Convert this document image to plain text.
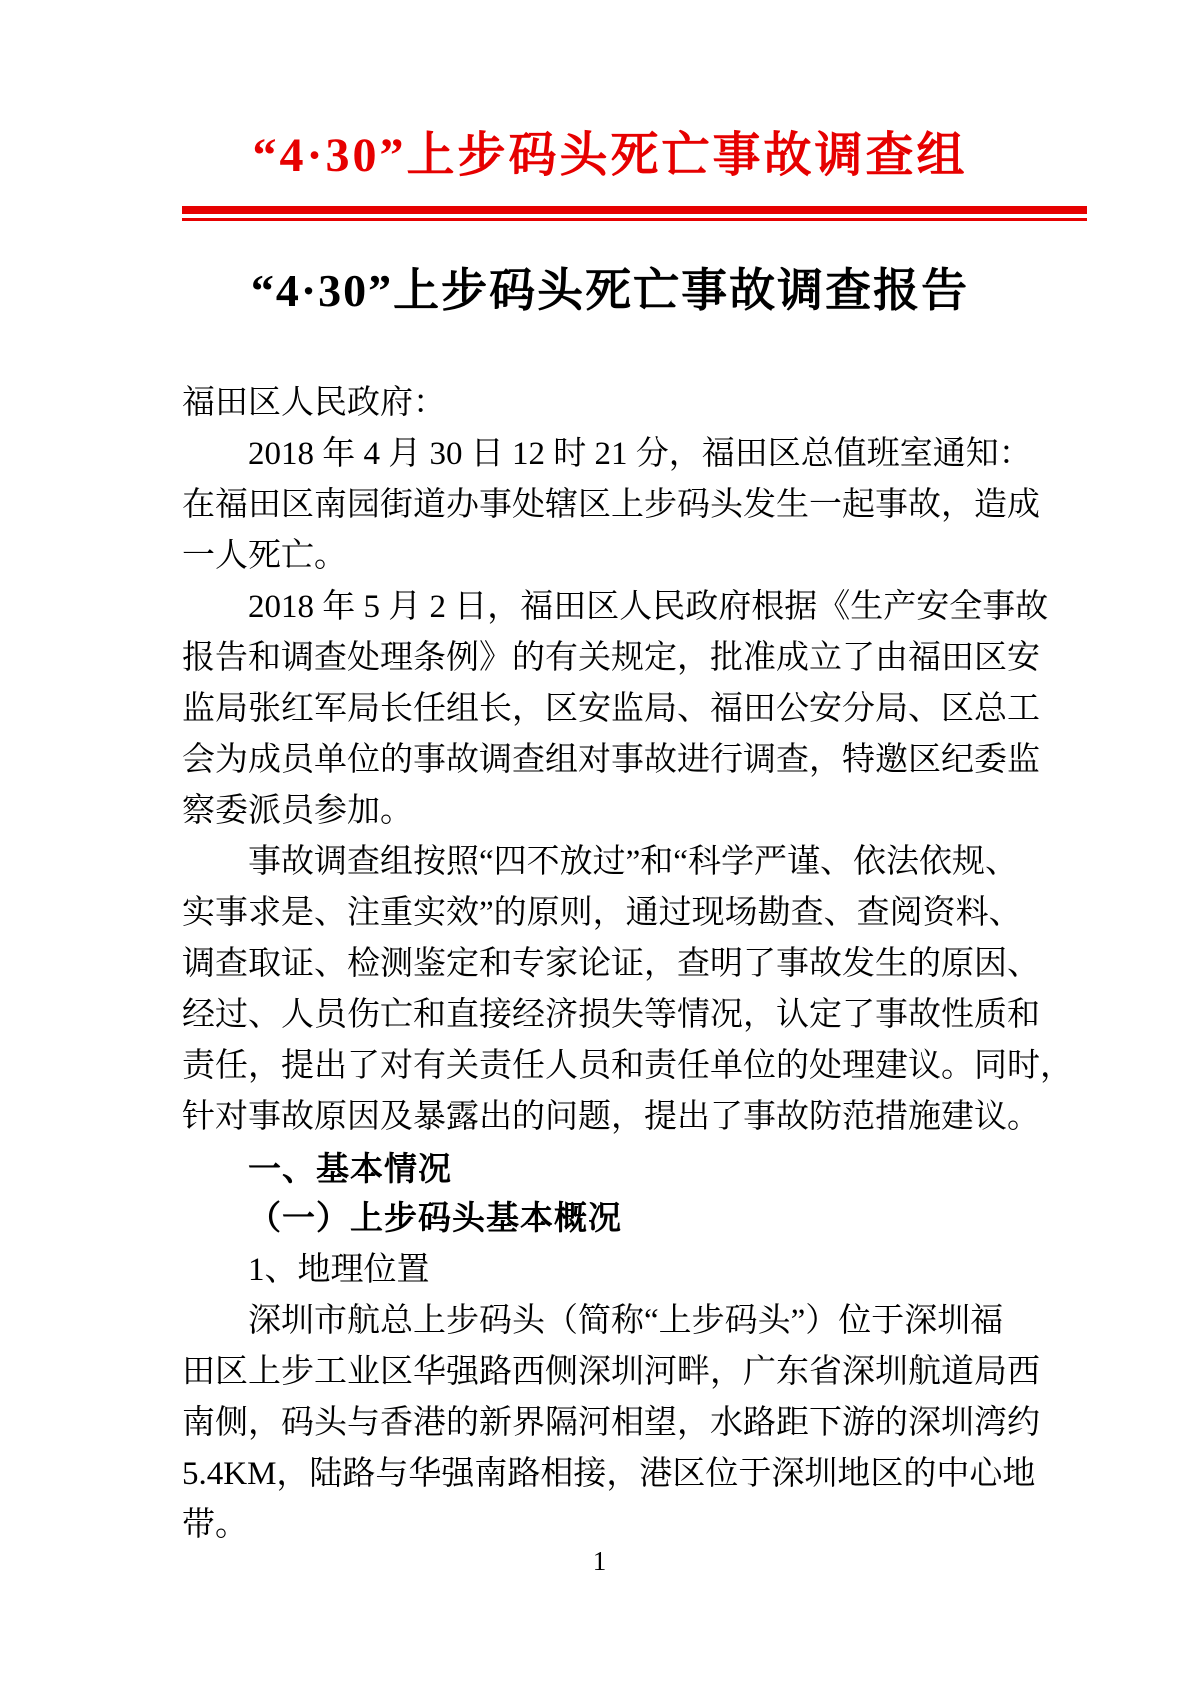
“4·30”上步码头死亡事故调查组
“4·30”上步码头死亡事故调查报告
福田区人民政府：
2018 年 4 月 30 日 12 时 21 分，福田区总值班室通知：
在福田区南园街道办事处辖区上步码头发生一起事故，造成
一人死亡。
2018 年 5 月 2 日，福田区人民政府根据《生产安全事故
报告和调查处理条例》的有关规定，批准成立了由福田区安
监局张红军局长任组长，区安监局、福田公安分局、区总工
会为成员单位的事故调查组对事故进行调查，特邀区纪委监
察委派员参加。
事故调查组按照“四不放过”和“科学严谨、依法依规、
实事求是、注重实效”的原则，通过现场勘查、查阅资料、
调查取证、检测鉴定和专家论证，查明了事故发生的原因、
经过、人员伤亡和直接经济损失等情况，认定了事故性质和
责任，提出了对有关责任人员和责任单位的处理建议。同时，
针对事故原因及暴露出的问题，提出了事故防范措施建议。
一、基本情况
（一）上步码头基本概况
1、地理位置
深圳市航总上步码头（简称“上步码头”）位于深圳福
田区上步工业区华强路西侧深圳河畔，广东省深圳航道局西
南侧，码头与香港的新界隔河相望，水路距下游的深圳湾约
5.4KM，陆路与华强南路相接，港区位于深圳地区的中心地
带。
1
